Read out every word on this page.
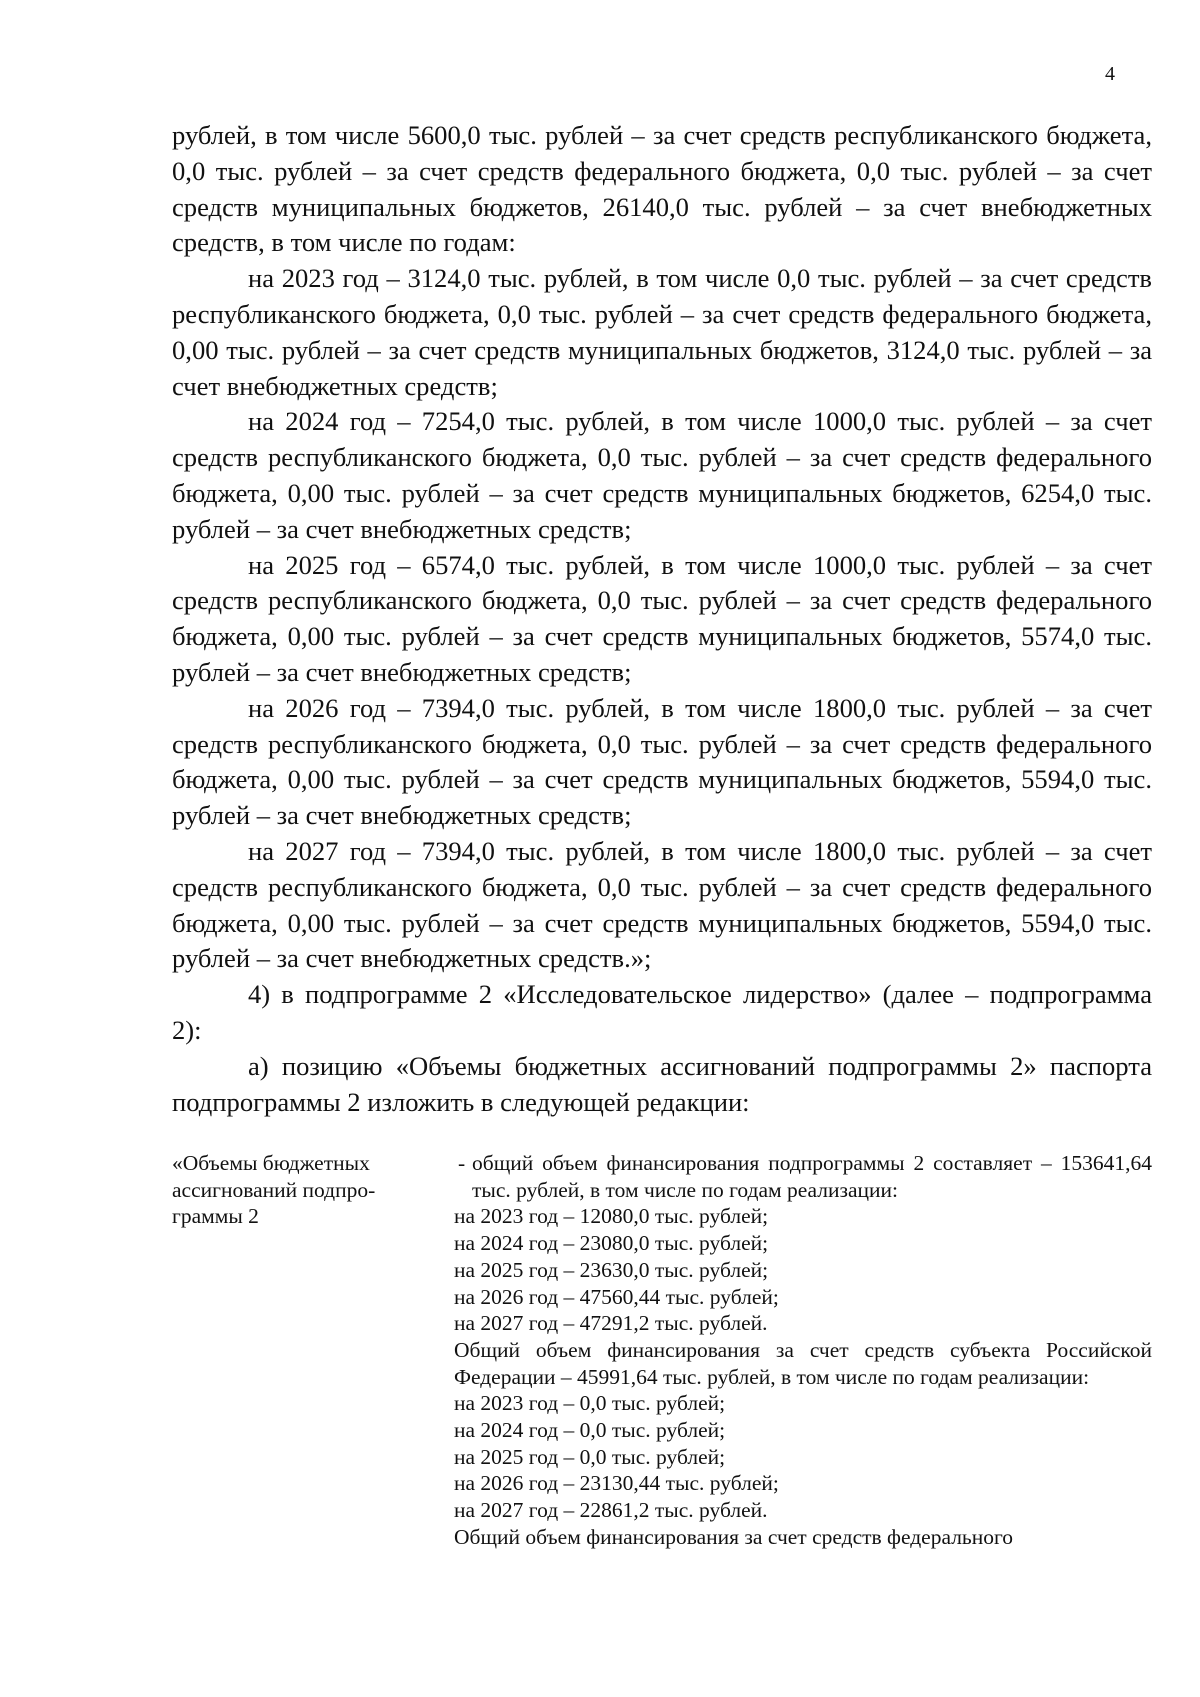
4

рублей, в том числе 5600,0 тыс. рублей – за счет средств республиканского бюджета, 0,0 тыс. рублей – за счет средств федерального бюджета, 0,0 тыс. рублей – за счет средств муниципальных бюджетов, 26140,0 тыс. рублей – за счет внебюджетных средств, в том числе по годам:

на 2023 год – 3124,0 тыс. рублей, в том числе 0,0 тыс. рублей – за счет средств республиканского бюджета, 0,0 тыс. рублей – за счет средств федерального бюджета, 0,00 тыс. рублей – за счет средств муниципальных бюджетов, 3124,0 тыс. рублей – за счет внебюджетных средств;

на 2024 год – 7254,0 тыс. рублей, в том числе 1000,0 тыс. рублей – за счет средств республиканского бюджета, 0,0 тыс. рублей – за счет средств федерального бюджета, 0,00 тыс. рублей – за счет средств муниципальных бюджетов, 6254,0 тыс. рублей – за счет внебюджетных средств;

на 2025 год – 6574,0 тыс. рублей, в том числе 1000,0 тыс. рублей – за счет средств республиканского бюджета, 0,0 тыс. рублей – за счет средств федерального бюджета, 0,00 тыс. рублей – за счет средств муниципальных бюджетов, 5574,0 тыс. рублей – за счет внебюджетных средств;

на 2026 год – 7394,0 тыс. рублей, в том числе 1800,0 тыс. рублей – за счет средств республиканского бюджета, 0,0 тыс. рублей – за счет средств федерального бюджета, 0,00 тыс. рублей – за счет средств муниципальных бюджетов, 5594,0 тыс. рублей – за счет внебюджетных средств;

на 2027 год – 7394,0 тыс. рублей, в том числе 1800,0 тыс. рублей – за счет средств республиканского бюджета, 0,0 тыс. рублей – за счет средств федерального бюджета, 0,00 тыс. рублей – за счет средств муниципальных бюджетов, 5594,0 тыс. рублей – за счет внебюджетных средств.»;

4) в подпрограмме 2 «Исследовательское лидерство» (далее – подпрограмма 2):

а) позицию «Объемы бюджетных ассигнований подпрограммы 2» паспорта подпрограммы 2 изложить в следующей редакции:

«Объемы бюджетных
ассигнований подпро-
граммы 2
- общий объем финансирования подпрограммы 2 составляет – 153641,64 тыс. рублей, в том числе по годам реализации:

на 2023 год – 12080,0 тыс. рублей;
на 2024 год – 23080,0 тыс. рублей;
на 2025 год – 23630,0 тыс. рублей;
на 2026 год – 47560,44 тыс. рублей;
на 2027 год – 47291,2 тыс. рублей.

Общий объем финансирования за счет средств субъекта Российской Федерации – 45991,64 тыс. рублей, в том числе по годам реализации:

на 2023 год – 0,0 тыс. рублей;
на 2024 год – 0,0 тыс. рублей;
на 2025 год – 0,0 тыс. рублей;
на 2026 год – 23130,44 тыс. рублей;
на 2027 год – 22861,2 тыс. рублей.
Общий объем финансирования за счет средств федерального
